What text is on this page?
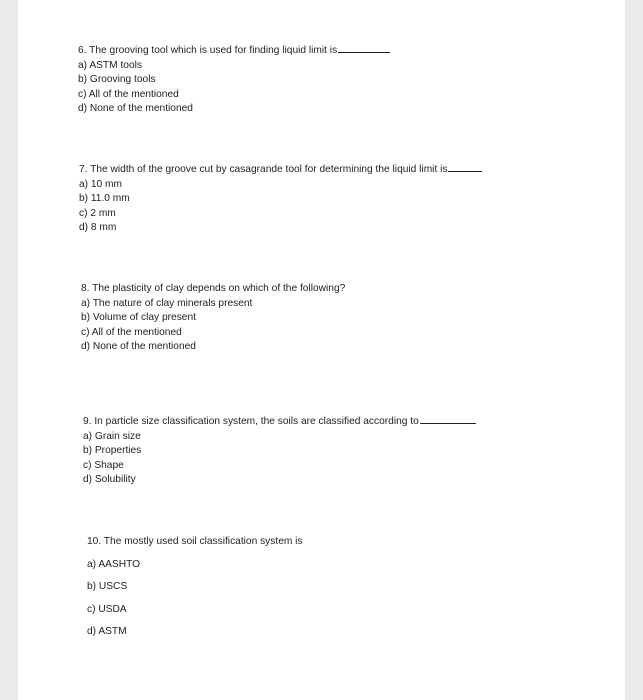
6. The grooving tool which is used for finding liquid limit is
a) ASTM tools
b) Grooving tools
c) All of the mentioned
d) None of the mentioned
7. The width of the groove cut by casagrande tool for determining the liquid limit is
a) 10 mm
b) 11.0 mm
c) 2 mm
d) 8 mm
8. The plasticity of clay depends on which of the following?
a) The nature of clay minerals present
b) Volume of clay present
c) All of the mentioned
d) None of the mentioned
9. In particle size classification system, the soils are classified according to
a) Grain size
b) Properties
c) Shape
d) Solubility
10. The mostly used soil classification system is
a) AASHTO
b) USCS
c) USDA
d) ASTM
